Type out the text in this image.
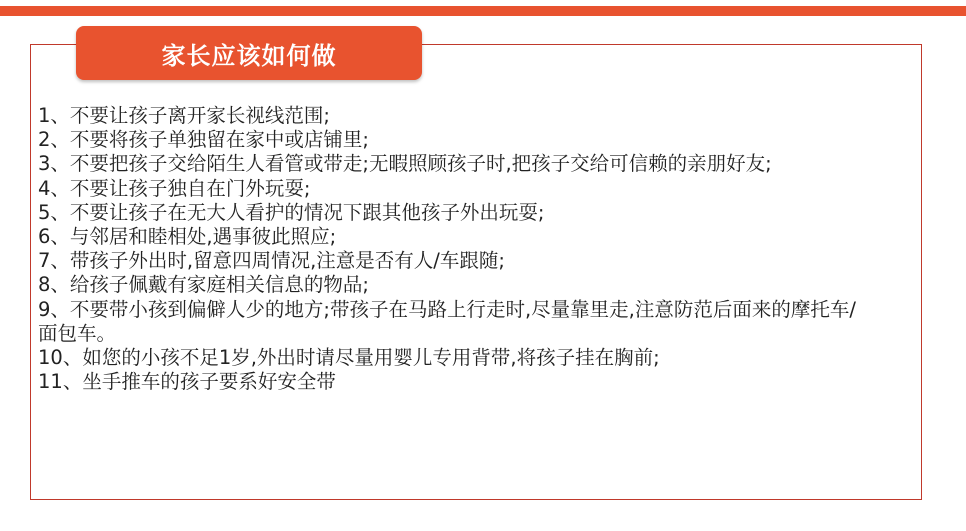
家长应该如何做
1、不要让孩子离开家长视线范围;
2、不要将孩子单独留在家中或店铺里;
3、不要把孩子交给陌生人看管或带走;无暇照顾孩子时,把孩子交给可信赖的亲朋好友;
4、不要让孩子独自在门外玩耍;
5、不要让孩子在无大人看护的情况下跟其他孩子外出玩耍;
6、与邻居和睦相处,遇事彼此照应;
7、带孩子外出时,留意四周情况,注意是否有人/车跟随;
8、给孩子佩戴有家庭相关信息的物品;
9、不要带小孩到偏僻人少的地方;带孩子在马路上行走时,尽量靠里走,注意防范后面来的摩托车/面包车。
10、如您的小孩不足1岁,外出时请尽量用婴儿专用背带,将孩子挂在胸前;
11、坐手推车的孩子要系好安全带
